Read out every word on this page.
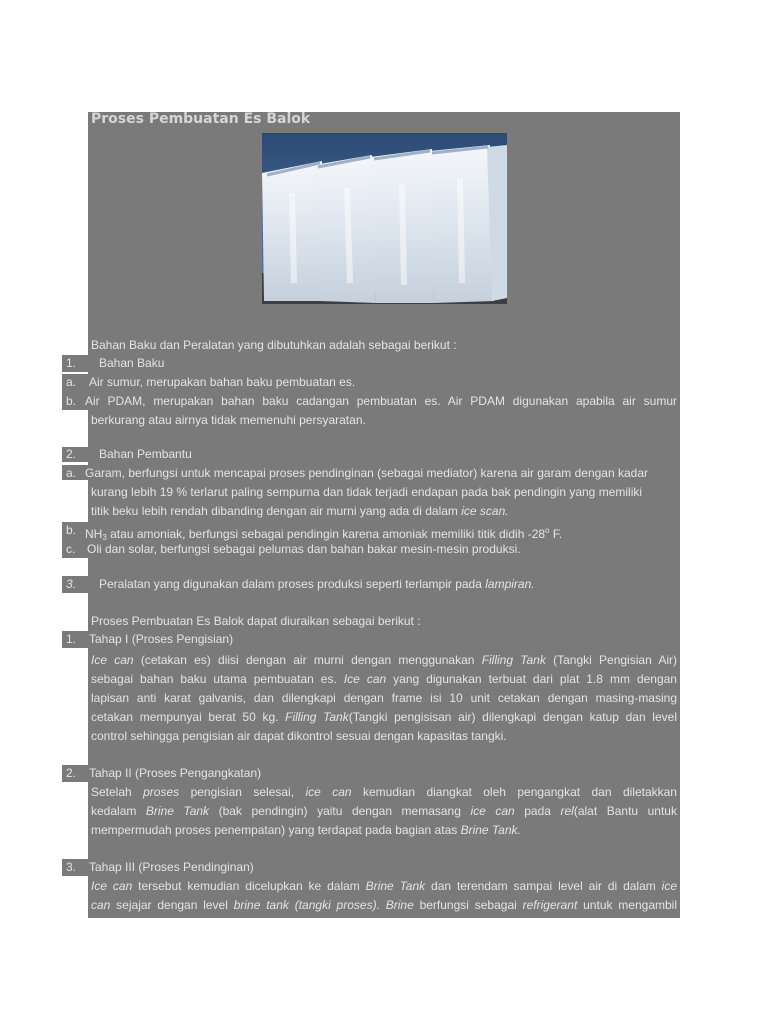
Proses Pembuatan Es Balok
Bahan Baku dan Peralatan yang dibutuhkan adalah sebagai berikut :
1. Bahan Baku
a. Air sumur, merupakan bahan baku pembuatan es.
b. Air PDAM, merupakan bahan baku cadangan pembuatan es. Air PDAM digunakan apabila air sumur
berkurang atau airnya tidak memenuhi persyaratan.
2. Bahan Pembantu
a. Garam, berfungsi untuk mencapai proses pendinginan (sebagai mediator) karena air garam dengan kadar
kurang lebih 19 % terlarut paling sempurna dan tidak terjadi endapan pada bak pendingin yang memiliki
titik beku lebih rendah dibanding dengan air murni yang ada di dalam ice scan.
b. $NH_3$ atau amoniak, berfungsi sebagai pendingin karena amoniak memiliki titik didih -28$^o$ F.
c. Oli dan solar, berfungsi sebagai pelumas dan bahan bakar mesin-mesin produksi.
3. Peralatan yang digunakan dalam proses produksi seperti terlampir pada lampiran.
Proses Pembuatan Es Balok dapat diuraikan sebagai berikut :
1. Tahap I (Proses Pengisian)
Ice can (cetakan es) diisi dengan air murni dengan menggunakan Filling Tank (Tangki Pengisian Air)
sebagai bahan baku utama pembuatan es. Ice can yang digunakan terbuat dari plat 1.8 mm dengan
lapisan anti karat galvanis, dan dilengkapi dengan frame isi 10 unit cetakan dengan masing-masing
cetakan mempunyai berat 50 kg. Filling Tank(Tangki pengisisan air) dilengkapi dengan katup dan level
control sehingga pengisian air dapat dikontrol sesuai dengan kapasitas tangki.
2. Tahap II (Proses Pengangkatan)
Setelah proses pengisian selesai, ice can kemudian diangkat oleh pengangkat dan diletakkan
kedalam Brine Tank (bak pendingin) yaitu dengan memasang ice can pada rel(alat Bantu untuk
mempermudah proses penempatan) yang terdapat pada bagian atas Brine Tank.
3. Tahap III (Proses Pendinginan)
Ice can tersebut kemudian dicelupkan ke dalam Brine Tank dan terendam sampai level air di dalam ice
can sejajar dengan level brine tank (tangki proses). Brine berfungsi sebagai refrigerant untuk mengambil
